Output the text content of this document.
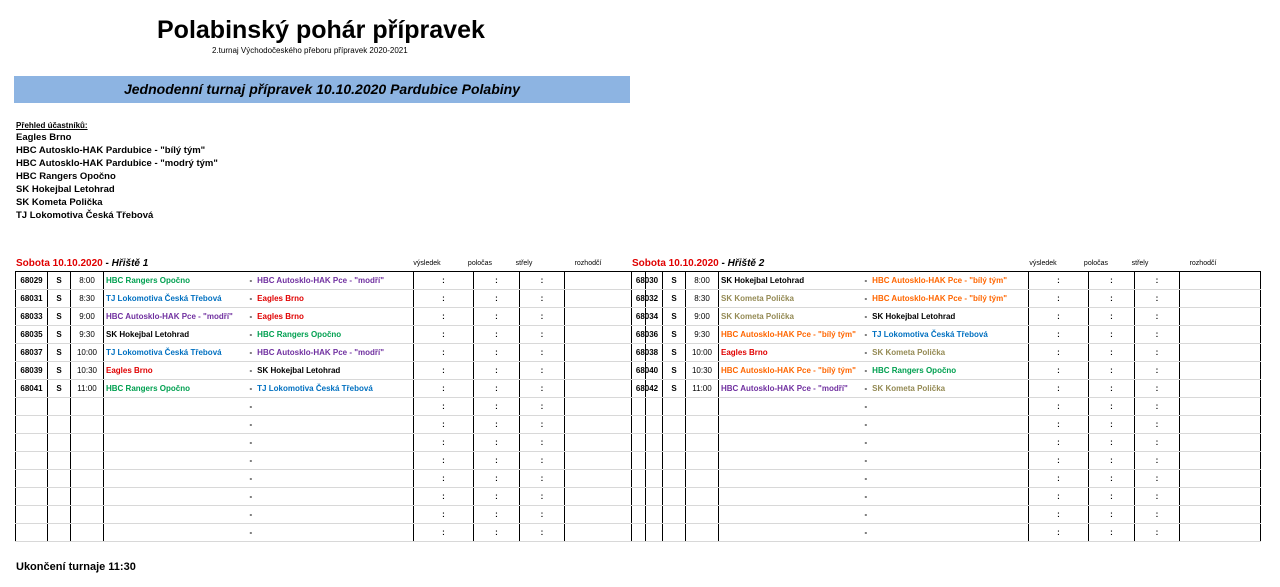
Polabinský pohár přípravek
2.turnaj Východočeského přeboru přípravek 2020-2021
Jednodenní turnaj přípravek 10.10.2020 Pardubice Polabiny
Přehled účastníků:
Eagles Brno
HBC Autosklo-HAK Pardubice - "bílý tým"
HBC Autosklo-HAK Pardubice - "modrý tým"
HBC Rangers Opočno
SK Hokejbal Letohrad
SK Kometa Polička
TJ Lokomotiva Česká Třebová
Sobota 10.10.2020 - Hřiště 1	výsledek	poločas	střely	rozhodčí	Sobota 10.10.2020 - Hřiště 2	výsledek	poločas	střely	rozhodčí
68029	S	8:00	HBC Rangers Opočno	- HBC Autosklo-HAK Pce - "modří"	:	:	:	
68031	S	8:30	TJ Lokomotiva Česká Třebová	- Eagles Brno	:	:	:	
68033	S	9:00	HBC Autosklo-HAK Pce - "modří"	- Eagles Brno	:	:	:	
68035	S	9:30	SK Hokejbal Letohrad	- HBC Rangers Opočno	:	:	:	
68037	S	10:00	TJ Lokomotiva Česká Třebová	- HBC Autosklo-HAK Pce - "modří"	:	:	:	
68039	S	10:30	Eagles Brno	- SK Hokejbal Letohrad	:	:	:	
68041	S	11:00	HBC Rangers Opočno	- TJ Lokomotiva Česká Třebová	:	:	:	
				-	:	:	:	
				-	:	:	:	
				-	:	:	:	
				-	:	:	:	
				-	:	:	:	
				-	:	:	:	
				-	:	:	:	
				-	:	:	:	
68030	S	8:00	SK Hokejbal Letohrad	- HBC Autosklo-HAK Pce - "bílý tým"	:	:	:	
68032	S	8:30	SK Kometa Polička	- HBC Autosklo-HAK Pce - "bílý tým"	:	:	:	
68034	S	9:00	SK Kometa Polička	- SK Hokejbal Letohrad	:	:	:	
68036	S	9:30	HBC Autosklo-HAK Pce - "bílý tým"	- TJ Lokomotiva Česká Třebová	:	:	:	
68038	S	10:00	Eagles Brno	- SK Kometa Polička	:	:	:	
68040	S	10:30	HBC Autosklo-HAK Pce - "bílý tým"	- HBC Rangers Opočno	:	:	:	
68042	S	11:00	HBC Autosklo-HAK Pce - "modří"	- SK Kometa Polička	:	:	:	
				-	:	:	:	
				-	:	:	:	
				-	:	:	:	
				-	:	:	:	
				-	:	:	:	
				-	:	:	:	
				-	:	:	:	
				-	:	:	:	
Ukončení turnaje 11:30
